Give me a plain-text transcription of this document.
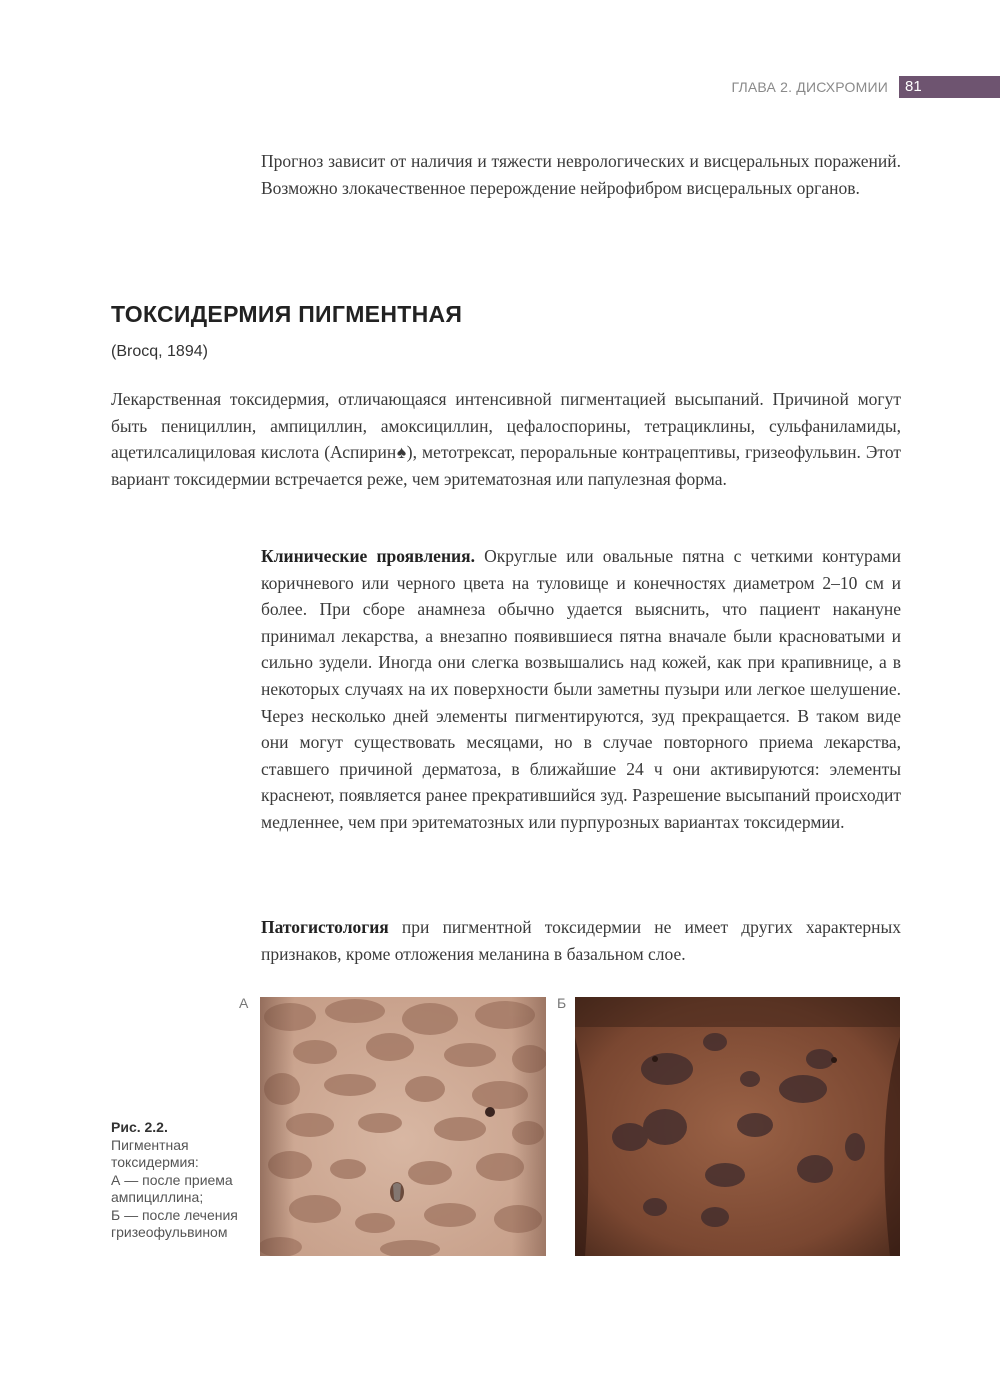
ГЛАВА 2. ДИСХРОМИИ 81

Прогноз зависит от наличия и тяжести неврологических и висцеральных поражений. Возможно злокачественное перерождение нейрофибром висцеральных органов.

ТОКСИДЕРМИЯ ПИГМЕНТНАЯ
(Brocq, 1894)

Лекарственная токсидермия, отличающаяся интенсивной пигментацией высыпаний. Причиной могут быть пенициллин, ампициллин, амоксициллин, цефалоспорины, тетрациклины, сульфаниламиды, ацетилсалициловая кислота (Аспирин♠), метотрексат, пероральные контрацептивы, гризеофульвин. Этот вариант токсидермии встречается реже, чем эритематозная или папулезная форма.

Клинические проявления. Округлые или овальные пятна с четкими контурами коричневого или черного цвета на туловище и конечностях диаметром 2–10 см и более. При сборе анамнеза обычно удается выяснить, что пациент накануне принимал лекарства, а внезапно появившиеся пятна вначале были красноватыми и сильно зудели. Иногда они слегка возвышались над кожей, как при крапивнице, а в некоторых случаях на их поверхности были заметны пузыри или легкое шелушение. Через несколько дней элементы пигментируются, зуд прекращается. В таком виде они могут существовать месяцами, но в случае повторного приема лекарства, ставшего причиной дерматоза, в ближайшие 24 ч они активируются: элементы краснеют, появляется ранее прекратившийся зуд. Разрешение высыпаний происходит медленнее, чем при эритематозных или пурпурозных вариантах токсидермии.

Патогистология при пигментной токсидермии не имеет других характерных признаков, кроме отложения меланина в базальном слое.

А	Б
Рис. 2.2.
Пигментная токсидермия:
А — после приема ампициллина;
Б — после лечения гризеофульвином
